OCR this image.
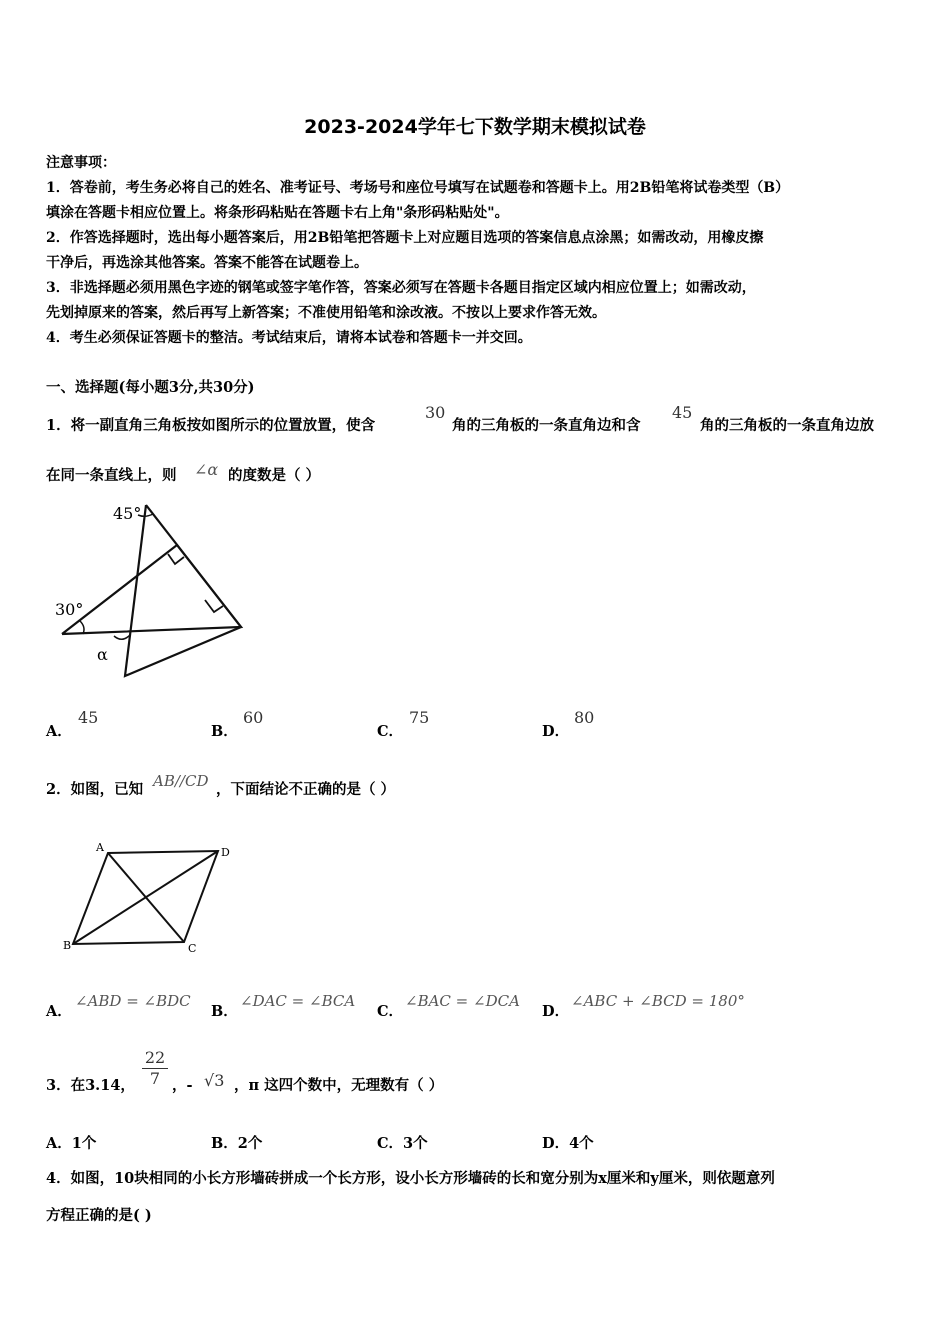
2023-2024学年七下数学期末模拟试卷
注意事项：
1．答卷前，考生务必将自己的姓名、准考证号、考场号和座位号填写在试题卷和答题卡上。用2B铅笔将试卷类型（B）
填涂在答题卡相应位置上。将条形码粘贴在答题卡右上角"条形码粘贴处"。
2．作答选择题时，选出每小题答案后，用2B铅笔把答题卡上对应题目选项的答案信息点涂黑；如需改动，用橡皮擦
干净后，再选涂其他答案。答案不能答在试题卷上。
3．非选择题必须用黑色字迹的钢笔或签字笔作答，答案必须写在答题卡各题目指定区域内相应位置上；如需改动，
先划掉原来的答案，然后再写上新答案；不准使用铅笔和涂改液。不按以上要求作答无效。
4．考生必须保证答题卡的整洁。考试结束后，请将本试卷和答题卡一并交回。
一、选择题(每小题3分,共30分)
1．将一副直角三角板按如图所示的位置放置，使含
30
角的三角板的一条直角边和含
45
角的三角板的一条直角边放
在同一条直线上，则 ∠α 的度数是（ ）
45°
30°
α
A．
45
B．
60
C．
75
D．
80
2．如图，已知 AB//CD ，下面结论不正确的是（ ）
A	D
B	C
A．
∠ABD = ∠BDC
B．
∠DAC = ∠BCA
C．
∠BAC = ∠DCA
D．
∠ABC + ∠BCD = 180°
3．在3.14，
22
7 ，- √3 ，π 这四个数中，无理数有（ ）
A．1个	B．2个	C．3个	D．4个
4．如图，10块相同的小长方形墙砖拼成一个长方形，设小长方形墙砖的长和宽分别为x厘米和y厘米，则依题意列
方程正确的是( )
